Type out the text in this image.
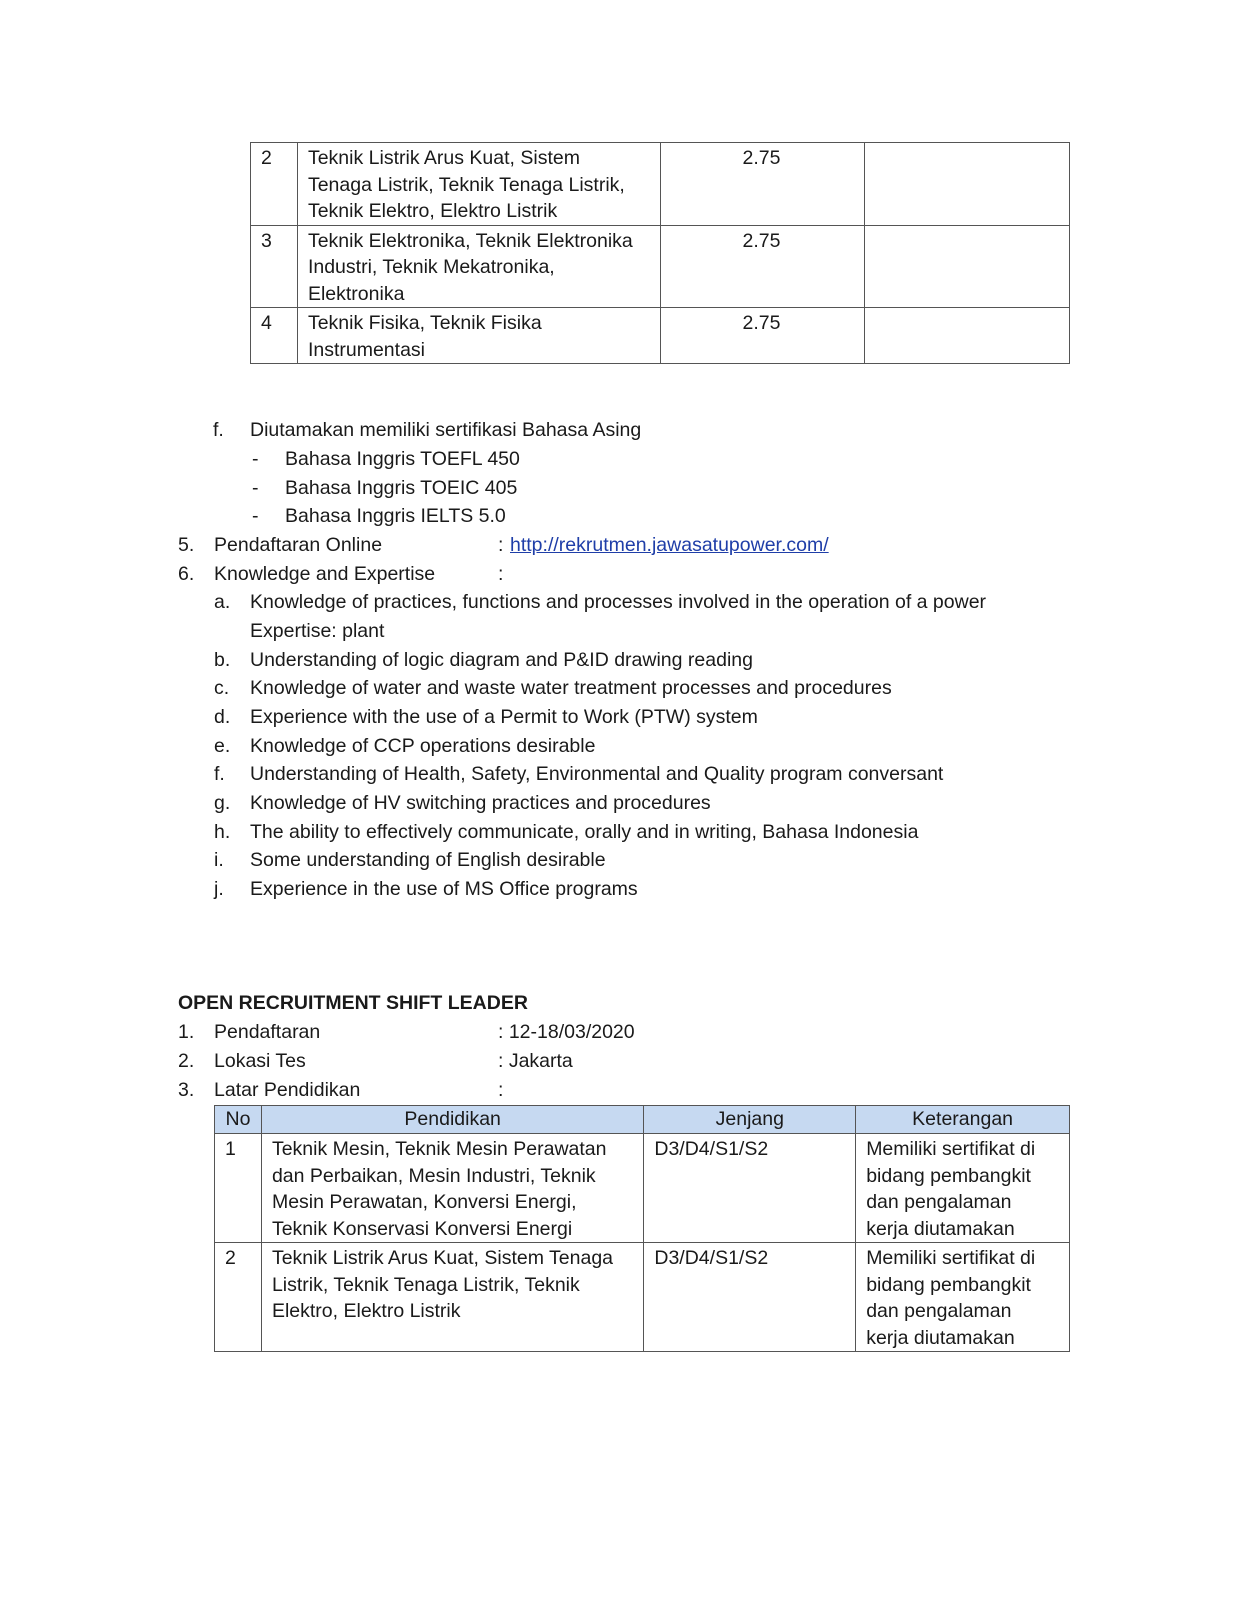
2	Teknik Listrik Arus Kuat, Sistem
Tenaga Listrik, Teknik Tenaga Listrik,
Teknik Elektro, Elektro Listrik	2.75	

3	Teknik Elektronika, Teknik Elektronika
Industri, Teknik Mekatronika,
Elektronika	2.75	

4	Teknik Fisika, Teknik Fisika
Instrumentasi	2.75	

f. Diutamakan memiliki sertifikasi Bahasa Asing
- Bahasa Inggris TOEFL 450
- Bahasa Inggris TOEIC 405
- Bahasa Inggris IELTS 5.0
5. Pendaftaran Online	: http://rekrutmen.jawasatupower.com/
6. Knowledge and Expertise	:
a. Knowledge of practices, functions and processes involved in the operation of a power
Expertise: plant
b. Understanding of logic diagram and P&ID drawing reading
c. Knowledge of water and waste water treatment processes and procedures
d. Experience with the use of a Permit to Work (PTW) system
e. Knowledge of CCP operations desirable
f. Understanding of Health, Safety, Environmental and Quality program conversant
g. Knowledge of HV switching practices and procedures
h. The ability to effectively communicate, orally and in writing, Bahasa Indonesia
i. Some understanding of English desirable
j. Experience in the use of MS Office programs
OPEN RECRUITMENT SHIFT LEADER
1. Pendaftaran	: 12-18/03/2020
2. Lokasi Tes	: Jakarta
3. Latar Pendidikan	:
No	Pendidikan	Jenjang	Keterangan

1	Teknik Mesin, Teknik Mesin Perawatan
dan Perbaikan, Mesin Industri, Teknik
Mesin Perawatan, Konversi Energi,
Teknik Konservasi Konversi Energi	D3/D4/S1/S2	Memiliki sertifikat di
bidang pembangkit
dan pengalaman
kerja diutamakan

2	Teknik Listrik Arus Kuat, Sistem Tenaga
Listrik, Teknik Tenaga Listrik, Teknik
Elektro, Elektro Listrik	D3/D4/S1/S2	Memiliki sertifikat di
bidang pembangkit
dan pengalaman
kerja diutamakan
